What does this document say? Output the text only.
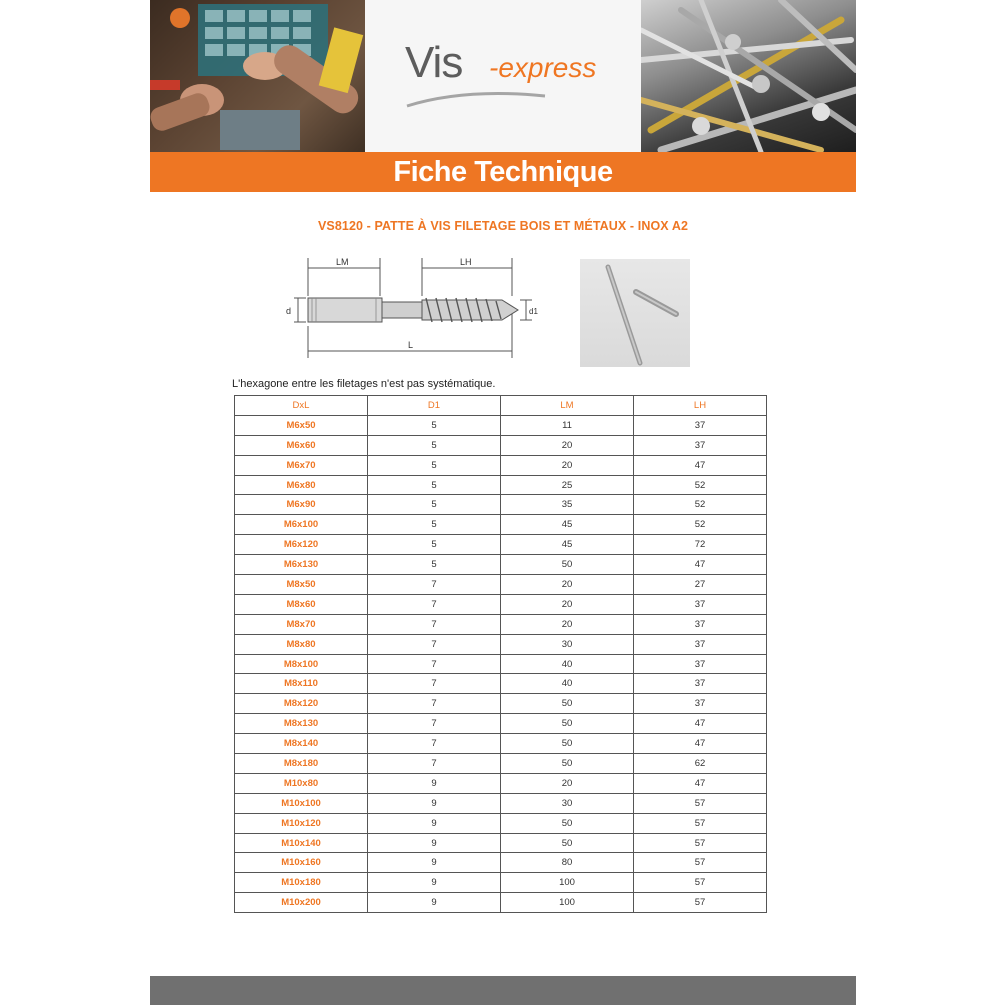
Vis -express
Fiche Technique
VS8120 - PATTE À VIS FILETAGE BOIS ET MÉTAUX - INOX A2
LM	LH
d	d1
L
L'hexagone entre les filetages n'est pas systématique.
DxL	D1	LM	LH
M6x50	5	11	37
M6x60	5	20	37
M6x70	5	20	47
M6x80	5	25	52
M6x90	5	35	52
M6x100	5	45	52
M6x120	5	45	72
M6x130	5	50	47
M8x50	7	20	27
M8x60	7	20	37
M8x70	7	20	37
M8x80	7	30	37
M8x100	7	40	37
M8x110	7	40	37
M8x120	7	50	37
M8x130	7	50	47
M8x140	7	50	47
M8x180	7	50	62
M10x80	9	20	47
M10x100	9	30	57
M10x120	9	50	57
M10x140	9	50	57
M10x160	9	80	57
M10x180	9	100	57
M10x200	9	100	57
